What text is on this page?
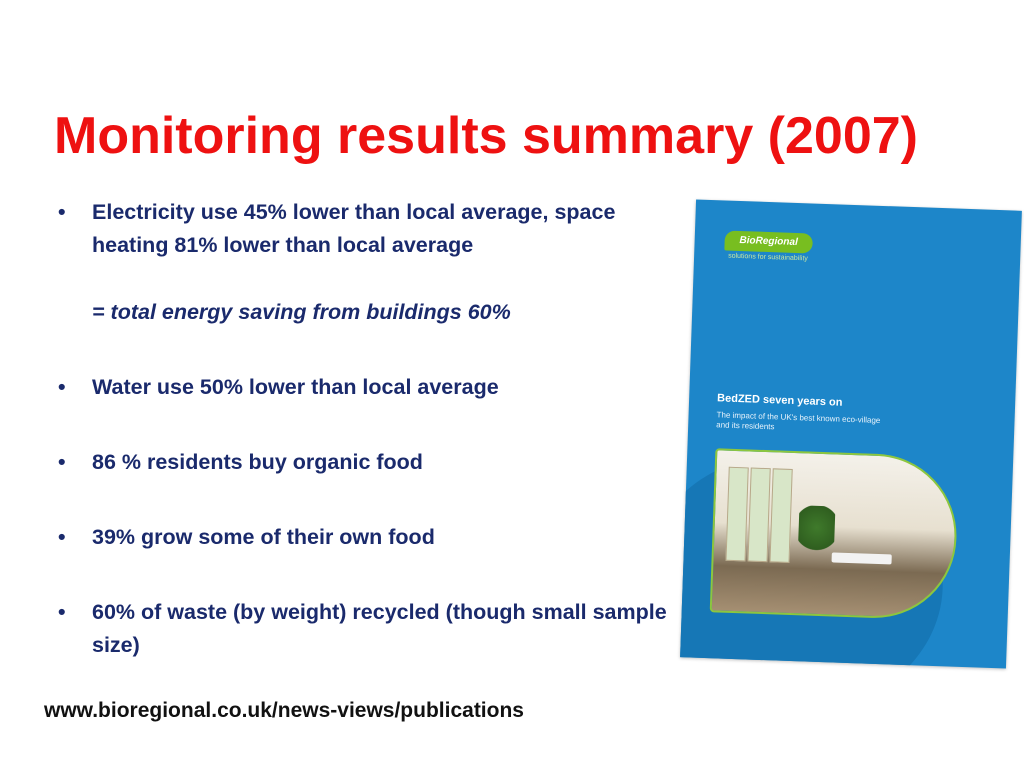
Monitoring results summary (2007)
• Electricity use 45% lower than local average, space heating 81% lower than local average
= total energy saving from buildings 60%
• Water use 50% lower than local average
• 86 % residents buy organic food
• 39% grow some of their own food
• 60% of waste (by weight) recycled (though small sample size)
BioRegional
solutions for sustainability
BedZED seven years on
The impact of the UK's best known eco-village and its residents
www.bioregional.co.uk/news-views/publications
